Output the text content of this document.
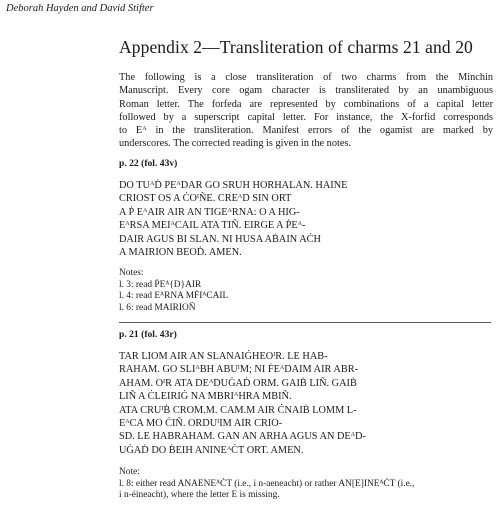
Deborah Hayden and David Stifter
Appendix 2—Transliteration of charms 21 and 20
The following is a close transliteration of two charms from the Minchin
Manuscript. Every core ogam character is transliterated by an unambiguous
Roman letter. The forfeda are represented by combinations of a capital letter
followed by a superscript capital letter. For instance, the X-forfid corresponds
to Eᴬ in the transliteration. Manifest errors of the ogamist are marked by
underscores. The corrected reading is given in the notes.
p. 22 (fol. 43v)
DO TUᴬḊ PEᴬDAR GO SRUH HORHALAN. HAINE
CRIOST OS A ĊOᴵÑE. CREᴬD SIN ORT
A Ṗ EᴬAIR AIR AN TIGEᴬRNA: O A HIG-
EᴬRSA MEIᴬCAIL ATA TIÑ. EIRGE A ṖEᴬ-
DAIR AGUS BI SLAN. NI HUSA AḂAIN AĊH
A MAIRION BEOḊ. AMEN.
Notes:
l. 3: read ṖEᴬ{D}AIR
l. 4: read EᴬRNA MḞIᴬCAIL
l. 6: read MAIRIOÑ
p. 21 (fol. 43r)
TAR LIOM AIR AN SLANAIĠHEOᴵR. LE HAB-
RAHAM. GO SLIᴬBH ABUᴵM; NI ḞEᴬDAIM AIR ABR-
AHAM. OᴵR ATA DEᴬDUĠAḊ ORM. GAIḂ LIÑ. GAIḂ
LIÑ A ĊLEIRIĠ NA MBRIᴬHRA MBIÑ.
ATA CRUᴵḂ CROM.M. CAM.M AIR ĊNAIḂ LOMM L-
EᴬCA MO ĊIÑ. ORDUᴵIM AIR CRIO-
SD. LE HABRAHAM. GAN AN ARHA AGUS AN DEᴬD-
UĠAḊ DO ḂEIH ANINEᴬĊT ORT. AMEN.
Note:
l. 8: either read ANAENEᴬĊT (i.e., i n-aeneacht) or rather AN[E]INEᴬĊT (i.e.,
i n-éineacht), where the letter E is missing.
